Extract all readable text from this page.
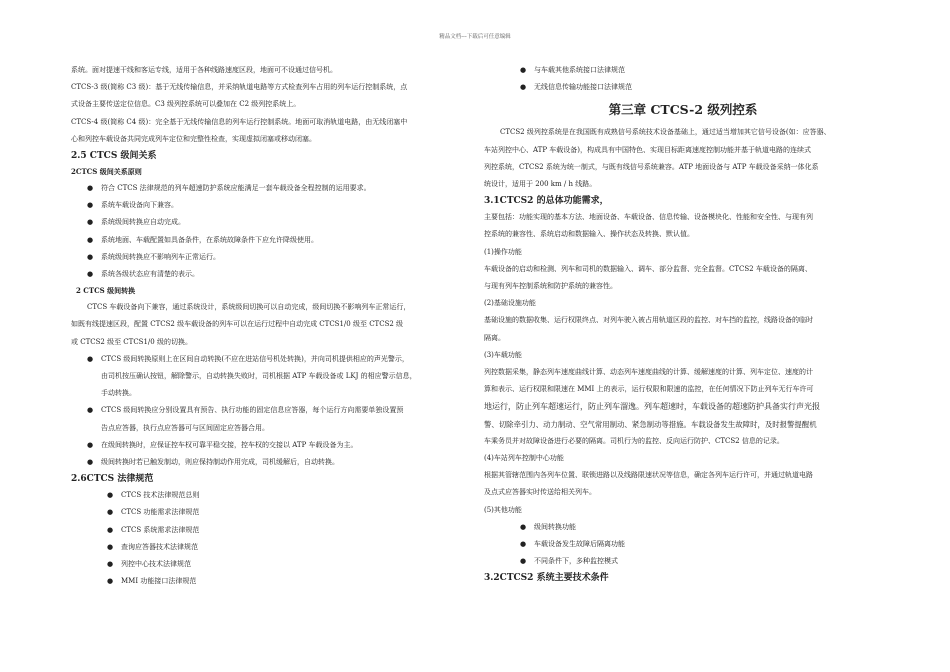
精品文档---下载后可任意编辑

系统。面对提速干线和客运专线，适用于各种线路速度区段，地面可不设通过信号机。

CTCS-3 级(简称 C3 级)：基于无线传输信息，并采纳轨道电路等方式检查列车占用的列车运行控制系统，点

式设备主要传送定位信息。C3 级列控系统可以叠加在 C2 级列控系统上。

CTCS-4 级(简称 C4 级)：完全基于无线传输信息的列车运行控制系统。地面可取消轨道电路，由无线闭塞中

心和列控车载设备共同完成列车定位和完整性检查，实现虚拟闭塞或移动闭塞。

2.5 CTCS 级间关系
2CTCS 级间关系原则
● 符合 CTCS 法律规范的列车超速防护系统应能满足一套车载设备全程控制的运用要求。
● 系统车载设备向下兼容。
● 系统级间转换应自动完成。
● 系统地面、车载配置如具备条件，在系统故障条件下应允许降级使用。
● 系统级间转换应不影响列车正常运行。
● 系统各级状态应有清楚的表示。
2 CTCS 级间转换

CTCS 车载设备向下兼容，通过系统设计，系统级间切换可以自动完成，级间切换不影响列车正常运行，

如既有线提速区段，配置 CTCS2 级车载设备的列车可以在运行过程中自动完成 CTCS1/0 级至 CTCS2 级

或 CTCS2 级至 CTCS1/0 级的切换。

● CTCS 级间转换原则上在区间自动转换(不应在进站信号机处转换)，并向司机提供相应的声光警示，
由司机按压确认按钮，解除警示，自动转换失败时，司机根据 ATP 车载设备或 LKJ 的相应警示信息，
手动转换。
● CTCS 级间转换应分别设置具有预告、执行功能的固定信息应答器，每个运行方向需要单独设置预
告点应答器，执行点应答器可与区间固定应答器合用。
● 在级间转换时，应保证控车权可靠平稳交接，控车权的交接以 ATP 车载设备为主。
● 级间转换时若已触发制动，则应保持制动作用完成，司机缓解后，自动转换。
2.6CTCS 法律规范
● CTCS 技术法律规范总则
● CTCS 功能需求法律规范
● CTCS 系统需求法律规范
● 查询应答器技术法律规范
● 列控中心技术法律规范
● MMI 功能接口法律规范
● 与车载其他系统接口法律规范
● 无线信息传输功能接口法律规范
第三章 CTCS-2 级列控系

CTCS2 级列控系统是在我国既有成熟信号系统技术设备基础上，通过适当增加其它信号设备(如：应答器、

车站列控中心、ATP 车载设备)，构成具有中国特色、实现目标距离速度控制功能并基于轨道电路的连续式

列控系统，CTCS2 系统为统一制式，与既有线信号系统兼容。ATP 地面设备与 ATP 车载设备采纳一体化系

统设计，适用于 200 km / h 线路。

3.1CTCS2 的总体功能需求，

主要包括：功能实现的基本方法、地面设备、车载设备、信息传输、设备模块化、性能和安全性、与现有列

控系统的兼容性、系统启动和数据输入、操作状态及转换、默认值。

(1)操作功能

车载设备的启动和检测、列车和司机的数据输入、调车、部分监督、完全监督。CTCS2 车载设备的隔离、

与现有列车控制系统和防护系统的兼容性。

(2)基础设施功能

基础设施的数据收集、运行权限终点、对列车驶入被占用轨道区段的监控、对车挡的监控，线路设备的临时

隔离。

(3)车载功能

列控数据采集，静态列车速度曲线计算、动态列车速度曲线的计算、缓解速度的计算、列车定位、速度的计

算和表示、运行权限和限速在 MMI 上的表示，运行权限和限速的监控，在任何情况下防止列车无行车许可

地运行，防止列车超速运行，防止列车溜逸。列车超速时，车载设备的超速防护具备实行声光报

警、切除牵引力、动力制动、空气常用制动、紧急制动等措施。车载设备发生故障时，及时报警提醒机

车乘务员并对故障设备进行必要的隔离。司机行为的监控、反向运行防护、CTCS2 信息的记录。

(4)车站列车控制中心功能

根据其管辖范围内各列车位置、联锁进路以及线路限速状况等信息，确定各列车运行许可，并通过轨道电路

及点式应答器实时传送给相关列车。

(5)其他功能

● 级间转换功能
● 车载设备发生故障后隔离功能
● 不同条件下，多种监控模式
3.2CTCS2 系统主要技术条件
